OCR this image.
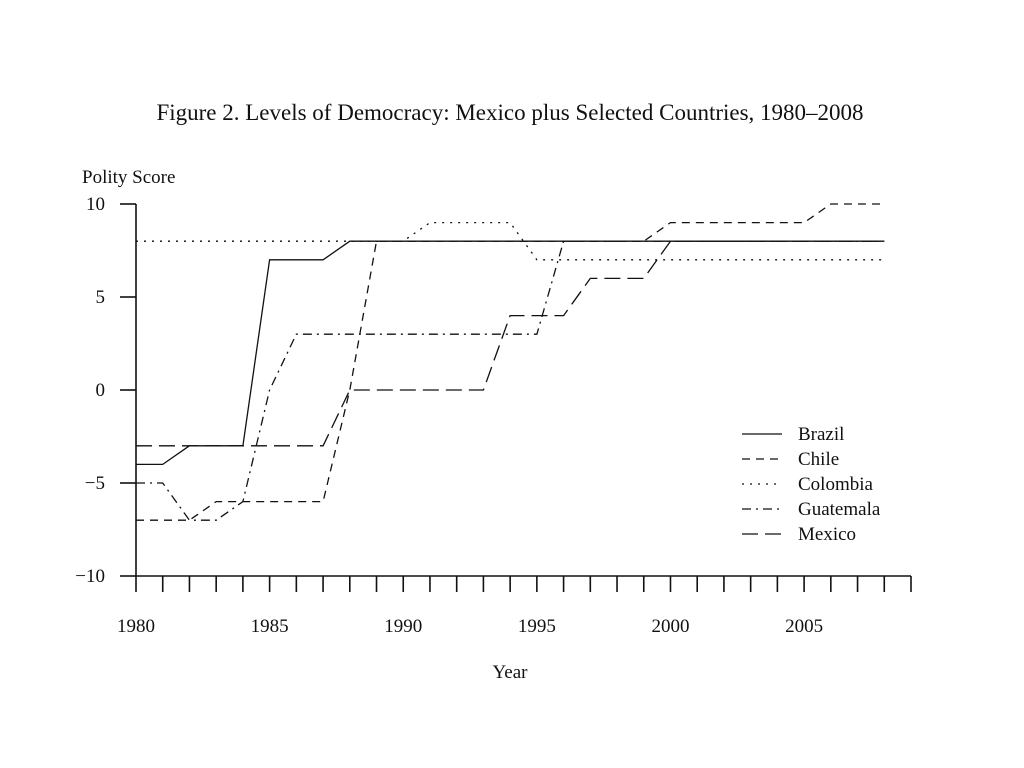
Figure 2. Levels of Democracy: Mexico plus Selected Countries, 1980–2008
Polity Score
Year
10
5
0
−5
−10
1980	1985	1990	1995	2000	2005
Brazil
Chile
Colombia
Guatemala
Mexico
